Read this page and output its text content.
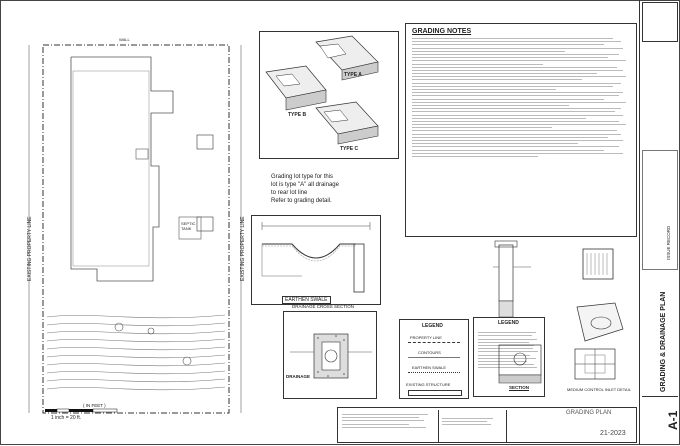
WALL
EXISTING PROPERTY LINE	EXISTING PROPERTY LINE
SEPTIC
TANK
( IN FEET )
1 inch = 20 ft.
TYPE A
TYPE B
TYPE C
Grading lot type for this
lot is type "A" all drainage
to rear lot line
Refer to grading detail.
GRADING NOTES
EARTHEN SWALE
DRAINAGE CROSS SECTION
DRAINAGE
LEGEND
PROPERTY LINE
CONTOURS
EARTHEN SWALE
EXISTING STRUCTURE
LEGEND
SECTION	MEDIUM CONTROL INLET DETAIL
GRADING PLAN
21-2023
ISSUE RECORD
GRADING & DRAINAGE PLAN
A-1
